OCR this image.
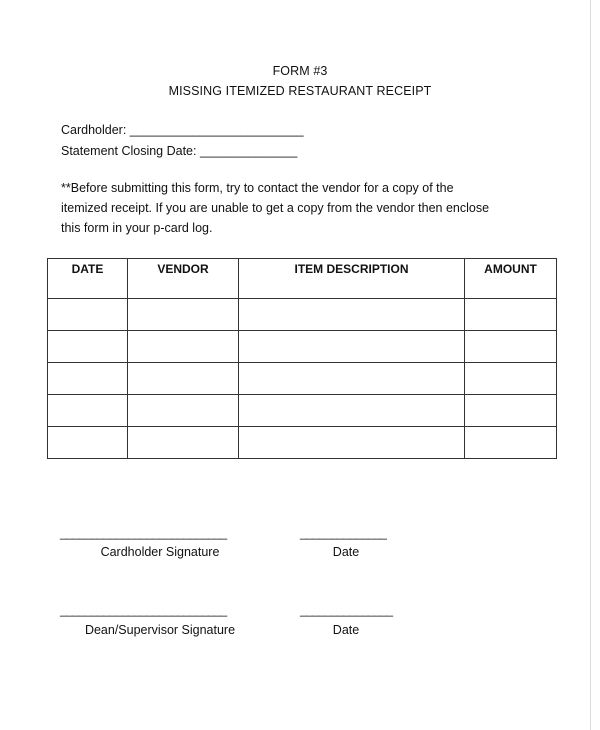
FORM #3
MISSING ITEMIZED RESTAURANT RECEIPT
Cardholder: _________________________
Statement Closing Date: ______________
**Before submitting this form, try to contact the vendor for a copy of the
itemized receipt. If you are unable to get a copy from the vendor then enclose
this form in your p-card log.
DATE	VENDOR	ITEM DESCRIPTION	AMOUNT

___________________________	______________
Cardholder Signature	Date
___________________________	_______________
Dean/Supervisor Signature	Date
